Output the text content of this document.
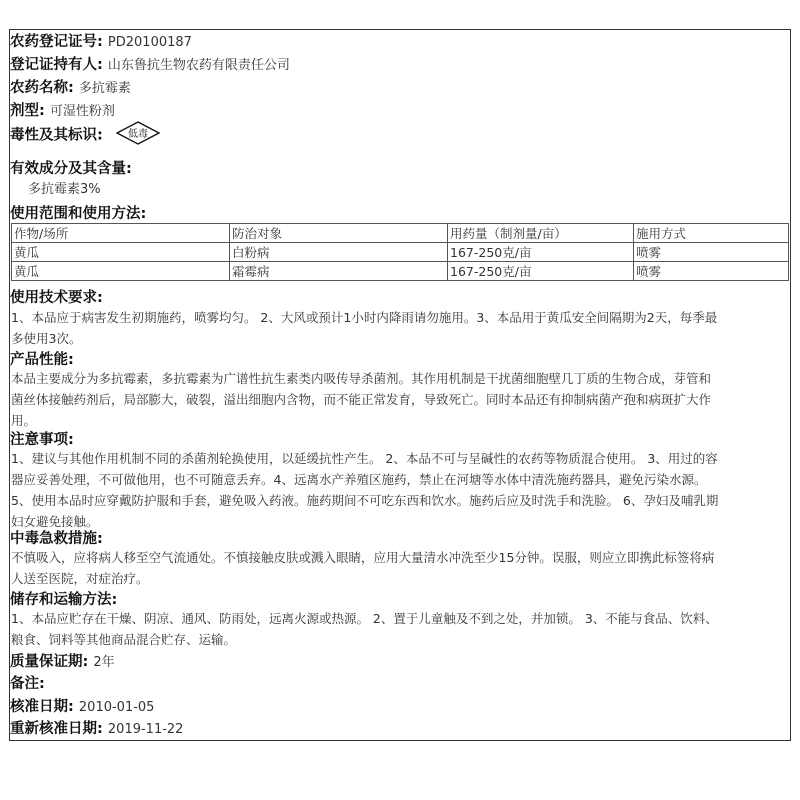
农药登记证号: PD20100187
登记证持有人: 山东鲁抗生物农药有限责任公司
农药名称: 多抗霉素
剂型: 可湿性粉剂
毒性及其标识:	低毒
有效成分及其含量:
多抗霉素3%
使用范围和使用方法:
作物/场所	防治对象	用药量（制剂量/亩）	施用方式
黄瓜	白粉病	167-250克/亩	喷雾
黄瓜	霜霉病	167-250克/亩	喷雾
使用技术要求:
1、本品应于病害发生初期施药，喷雾均匀。 2、大风或预计1小时内降雨请勿施用。3、本品用于黄瓜安全间隔期为2天，每季最
多使用3次。
产品性能:
本品主要成分为多抗霉素，多抗霉素为广谱性抗生素类内吸传导杀菌剂。其作用机制是干扰菌细胞壁几丁质的生物合成，芽管和
菌丝体接触药剂后，局部膨大，破裂，溢出细胞内含物，而不能正常发育，导致死亡。同时本品还有抑制病菌产孢和病斑扩大作
用。
注意事项:
1、建议与其他作用机制不同的杀菌剂轮换使用，以延缓抗性产生。 2、本品不可与呈碱性的农药等物质混合使用。 3、用过的容
器应妥善处理，不可做他用，也不可随意丢弃。4、远离水产养殖区施药，禁止在河塘等水体中清洗施药器具，避免污染水源。
5、使用本品时应穿戴防护服和手套，避免吸入药液。施药期间不可吃东西和饮水。施药后应及时洗手和洗脸。 6、孕妇及哺乳期
妇女避免接触。
中毒急救措施:
不慎吸入，应将病人移至空气流通处。不慎接触皮肤或溅入眼睛，应用大量清水冲洗至少15分钟。误服，则应立即携此标签将病
人送至医院，对症治疗。
储存和运输方法:
1、本品应贮存在干燥、阴凉、通风、防雨处，远离火源或热源。 2、置于儿童触及不到之处，并加锁。 3、不能与食品、饮料、
粮食、饲料等其他商品混合贮存、运输。
质量保证期: 2年
备注:
核准日期: 2010-01-05
重新核准日期: 2019-11-22
